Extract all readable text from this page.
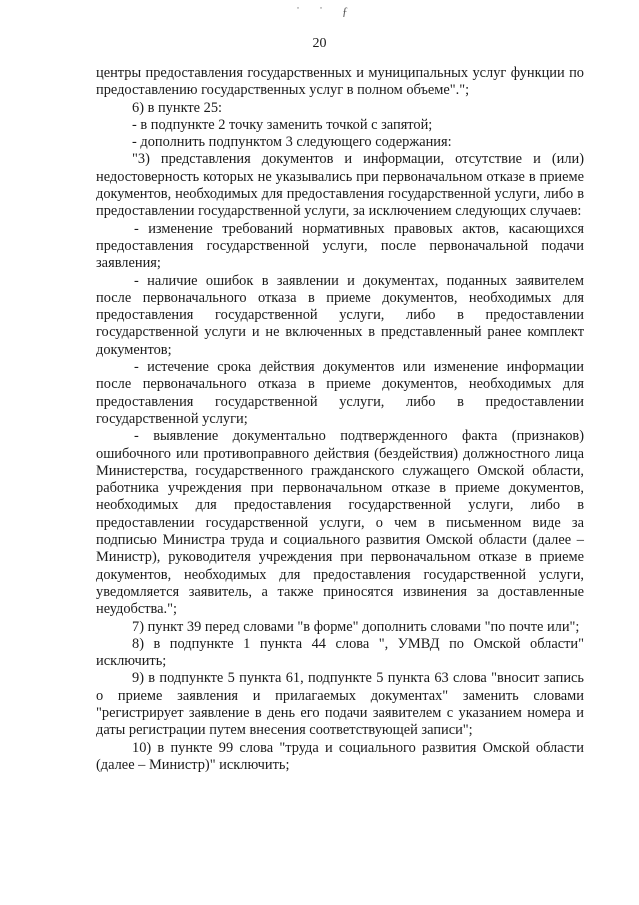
˙ ˙ ƒ
20

центры предоставления государственных и муниципальных услуг функции по предоставлению государственных услуг в полном объеме".";

6) в пункте 25:

- в подпункте 2 точку заменить точкой с запятой;

- дополнить подпунктом 3 следующего содержания:

"3) представления документов и информации, отсутствие и (или) недостоверность которых не указывались при первоначальном отказе в приеме документов, необходимых для предоставления государственной услуги, либо в предоставлении государственной услуги, за исключением следующих случаев:

- изменение требований нормативных правовых актов, касающихся предоставления государственной услуги, после первоначальной подачи заявления;

- наличие ошибок в заявлении и документах, поданных заявителем после первоначального отказа в приеме документов, необходимых для предоставления государственной услуги, либо в предоставлении государственной услуги и не включенных в представленный ранее комплект документов;

- истечение срока действия документов или изменение информации после первоначального отказа в приеме документов, необходимых для предоставления государственной услуги, либо в предоставлении государственной услуги;

- выявление документально подтвержденного факта (признаков) ошибочного или противоправного действия (бездействия) должностного лица Министерства, государственного гражданского служащего Омской области, работника учреждения при первоначальном отказе в приеме документов, необходимых для предоставления государственной услуги, либо в предоставлении государственной услуги, о чем в письменном виде за подписью Министра труда и социального развития Омской области (далее – Министр), руководителя учреждения при первоначальном отказе в приеме документов, необходимых для предоставления государственной услуги, уведомляется заявитель, а также приносятся извинения за доставленные неудобства.";

7) пункт 39 перед словами "в форме" дополнить словами "по почте или";

8) в подпункте 1 пункта 44 слова ", УМВД по Омской области" исключить;

9) в подпункте 5 пункта 61, подпункте 5 пункта 63 слова "вносит запись о приеме заявления и прилагаемых документах" заменить словами "регистрирует заявление в день его подачи заявителем с указанием номера и даты регистрации путем внесения соответствующей записи";

10) в пункте 99 слова "труда и социального развития Омской области (далее – Министр)" исключить;
